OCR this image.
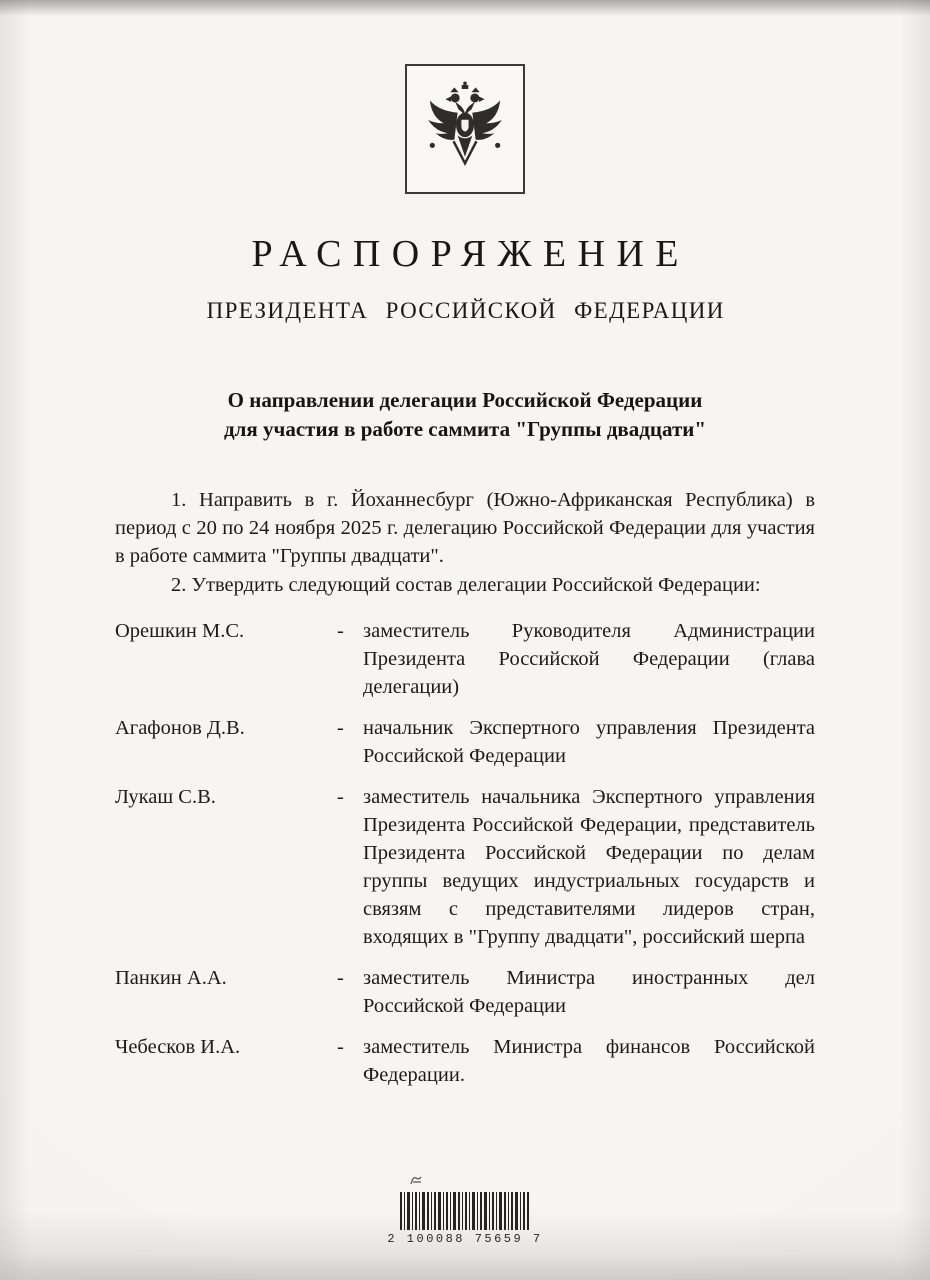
РАСПОРЯЖЕНИЕ
ПРЕЗИДЕНТА РОССИЙСКОЙ ФЕДЕРАЦИИ
О направлении делегации Российской Федерации
для участия в работе саммита "Группы двадцати"

1. Направить в г. Йоханнесбург (Южно-Африканская Республика) в период с 20 по 24 ноября 2025 г. делегацию Российской Федерации для участия в работе саммита "Группы двадцати".

2. Утвердить следующий состав делегации Российской Федерации:

Орешкин М.С.	- заместитель Руководителя Администрации Президента Российской Федерации (глава делегации)
Агафонов Д.В.	- начальник Экспертного управления Президента Российской Федерации
Лукаш С.В.	- заместитель начальника Экспертного управления Президента Российской Федерации, представитель Президента Российской Федерации по делам группы ведущих индустриальных государств и связям с представителями лидеров стран, входящих в "Группу двадцати", российский шерпа
Панкин А.А.	- заместитель Министра иностранных дел Российской Федерации
Чебесков И.А.	- заместитель Министра финансов Российской Федерации.
2 100088 75659 7
